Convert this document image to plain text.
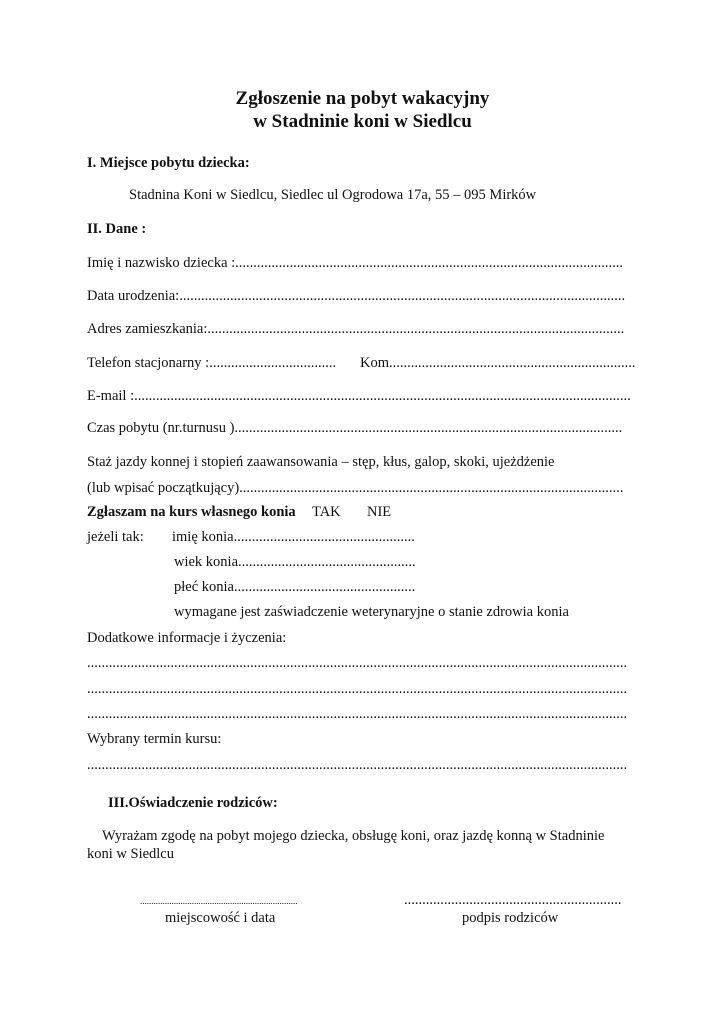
Zgłoszenie na pobyt wakacyjny
w Stadninie koni w Siedlcu
I. Miejsce pobytu dziecka:
Stadnina Koni w Siedlcu, Siedlec ul Ogrodowa 17a, 55 – 095 Mirków
II. Dane :
Imię i nazwisko dziecka :...........................................................................................................
Data urodzenia:...........................................................................................................................
Adres zamieszkania:...................................................................................................................
Telefon stacjonarny :...................................	Kom....................................................................
E-mail :.........................................................................................................................................
Czas pobytu (nr.turnusu )...........................................................................................................
Staż jazdy konnej i stopień zaawansowania – stęp, kłus, galop, skoki, ujeżdżenie
(lub wpisać początkujący)..........................................................................................................
Zgłaszam na kurs własnego konia TAK NIE
jeżeli tak: imię konia..................................................
wiek konia.................................................
płeć konia..................................................
wymagane jest zaświadczenie weterynaryjne o stanie zdrowia konia
Dodatkowe informacje i życzenia:
.....................................................................................................................................................
.....................................................................................................................................................
.....................................................................................................................................................
Wybrany termin kursu:
.....................................................................................................................................................
III.Oświadczenie rodziców:
Wyrażam zgodę na pobyt mojego dziecka, obsługę koni, oraz jazdę konną w Stadninie
koni w Siedlcu
......................................................................
miejscowość i data
............................................................
podpis rodziców
